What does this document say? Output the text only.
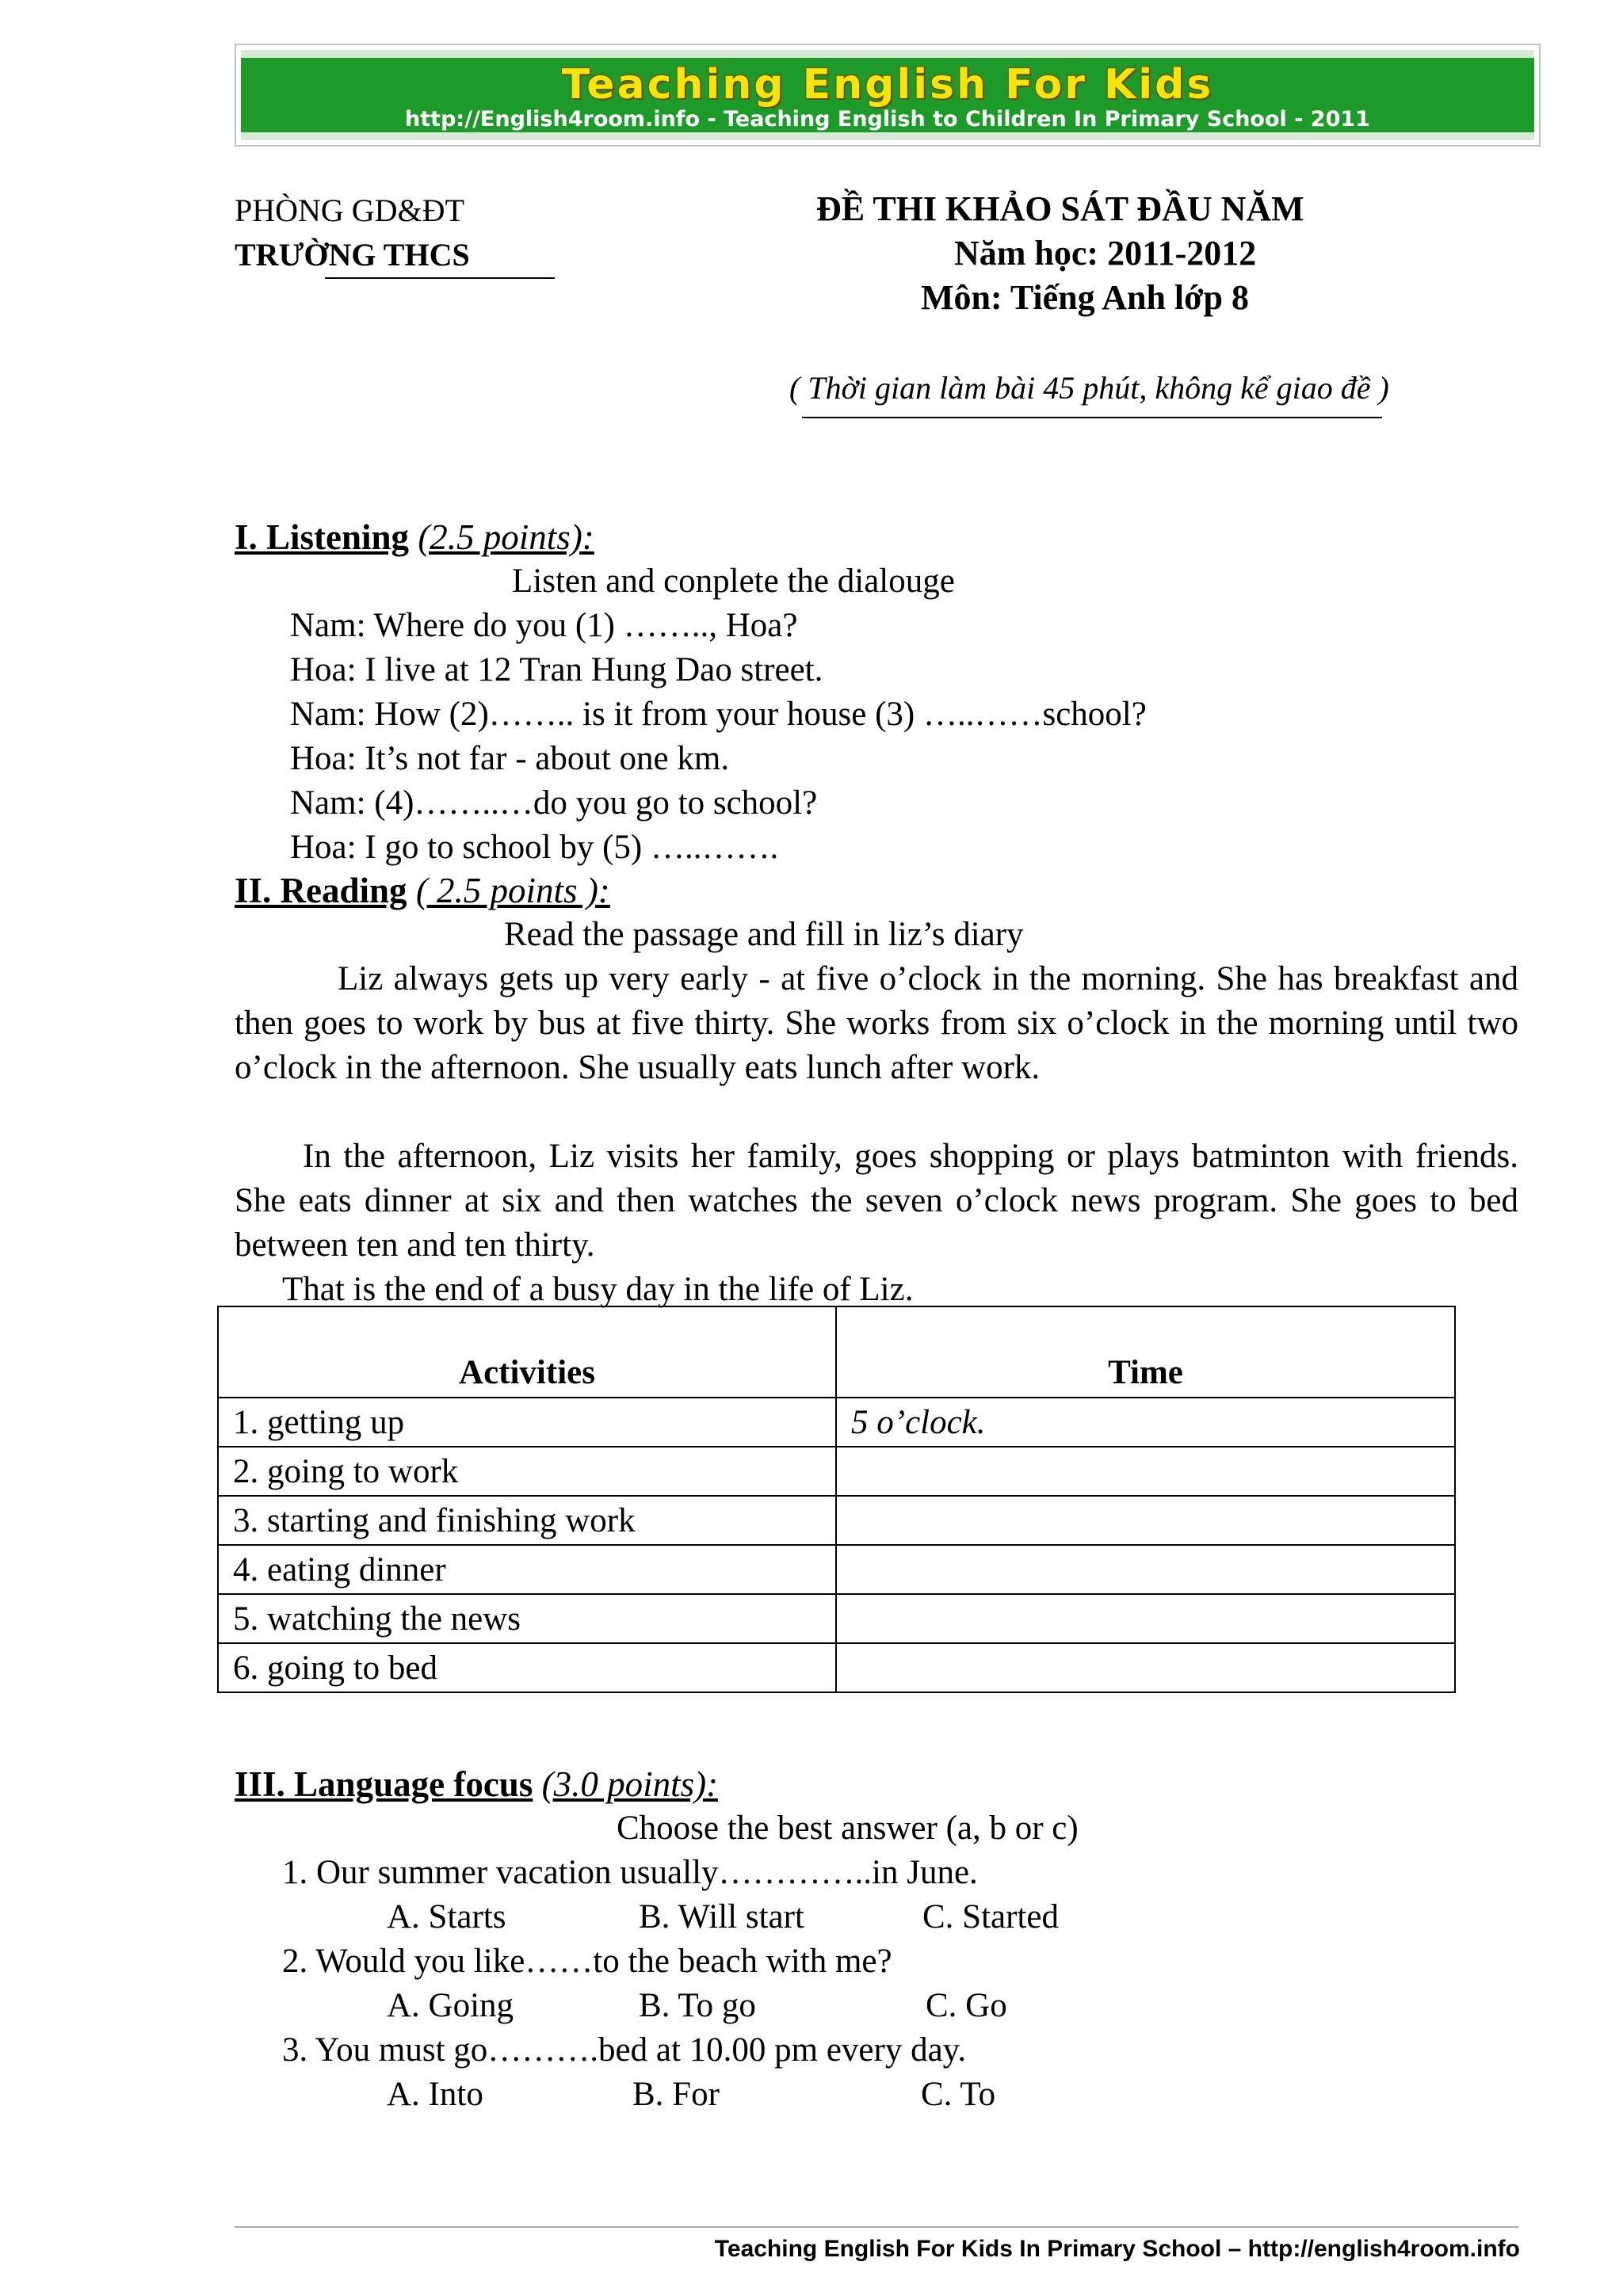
Teaching English For Kids
http://English4room.info - Teaching English to Children In Primary School - 2011
PHÒNG GD&ĐT
TRƯỜNG THCS
ĐỀ THI KHẢO SÁT ĐẦU NĂM
Năm học: 2011-2012
Môn: Tiếng Anh lớp 8
( Thời gian làm bài 45 phút, không kể giao đề )
I. Listening (2.5 points):
Listen and conplete the dialouge
Nam: Where do you (1) …….., Hoa?
Hoa: I live at 12 Tran Hung Dao street.
Nam: How (2)…….. is it from your house (3) …..……school?
Hoa: It’s not far - about one km.
Nam: (4)……..…do you go to school?
Hoa: I go to school by (5) …..…….
II. Reading ( 2.5 points ):
Read the passage and fill in liz’s diary
Liz always gets up very early - at five o’clock in the morning. She has breakfast and then goes to work by bus at five thirty. She works from six o’clock in the morning until two o’clock in the afternoon. She usually eats lunch after work.
In the afternoon, Liz visits her family, goes shopping or plays batminton with friends. She eats dinner at six and then watches the seven o’clock news program. She goes to bed between ten and ten thirty.
That is the end of a busy day in the life of Liz.
Activities	Time
1. getting up	5 o’clock.
2. going to work	
3. starting and finishing work	
4. eating dinner	
5. watching the news	
6. going to bed	
III. Language focus (3.0 points):
Choose the best answer (a, b or c)
1. Our summer vacation usually…………..in June.
A. Starts	B. Will start	C. Started
2. Would you like……to the beach with me?
A. Going	B. To go	C. Go
3. You must go……….bed at 10.00 pm every day.
A. Into	B. For	C. To
Teaching English For Kids In Primary School – http://english4room.info
